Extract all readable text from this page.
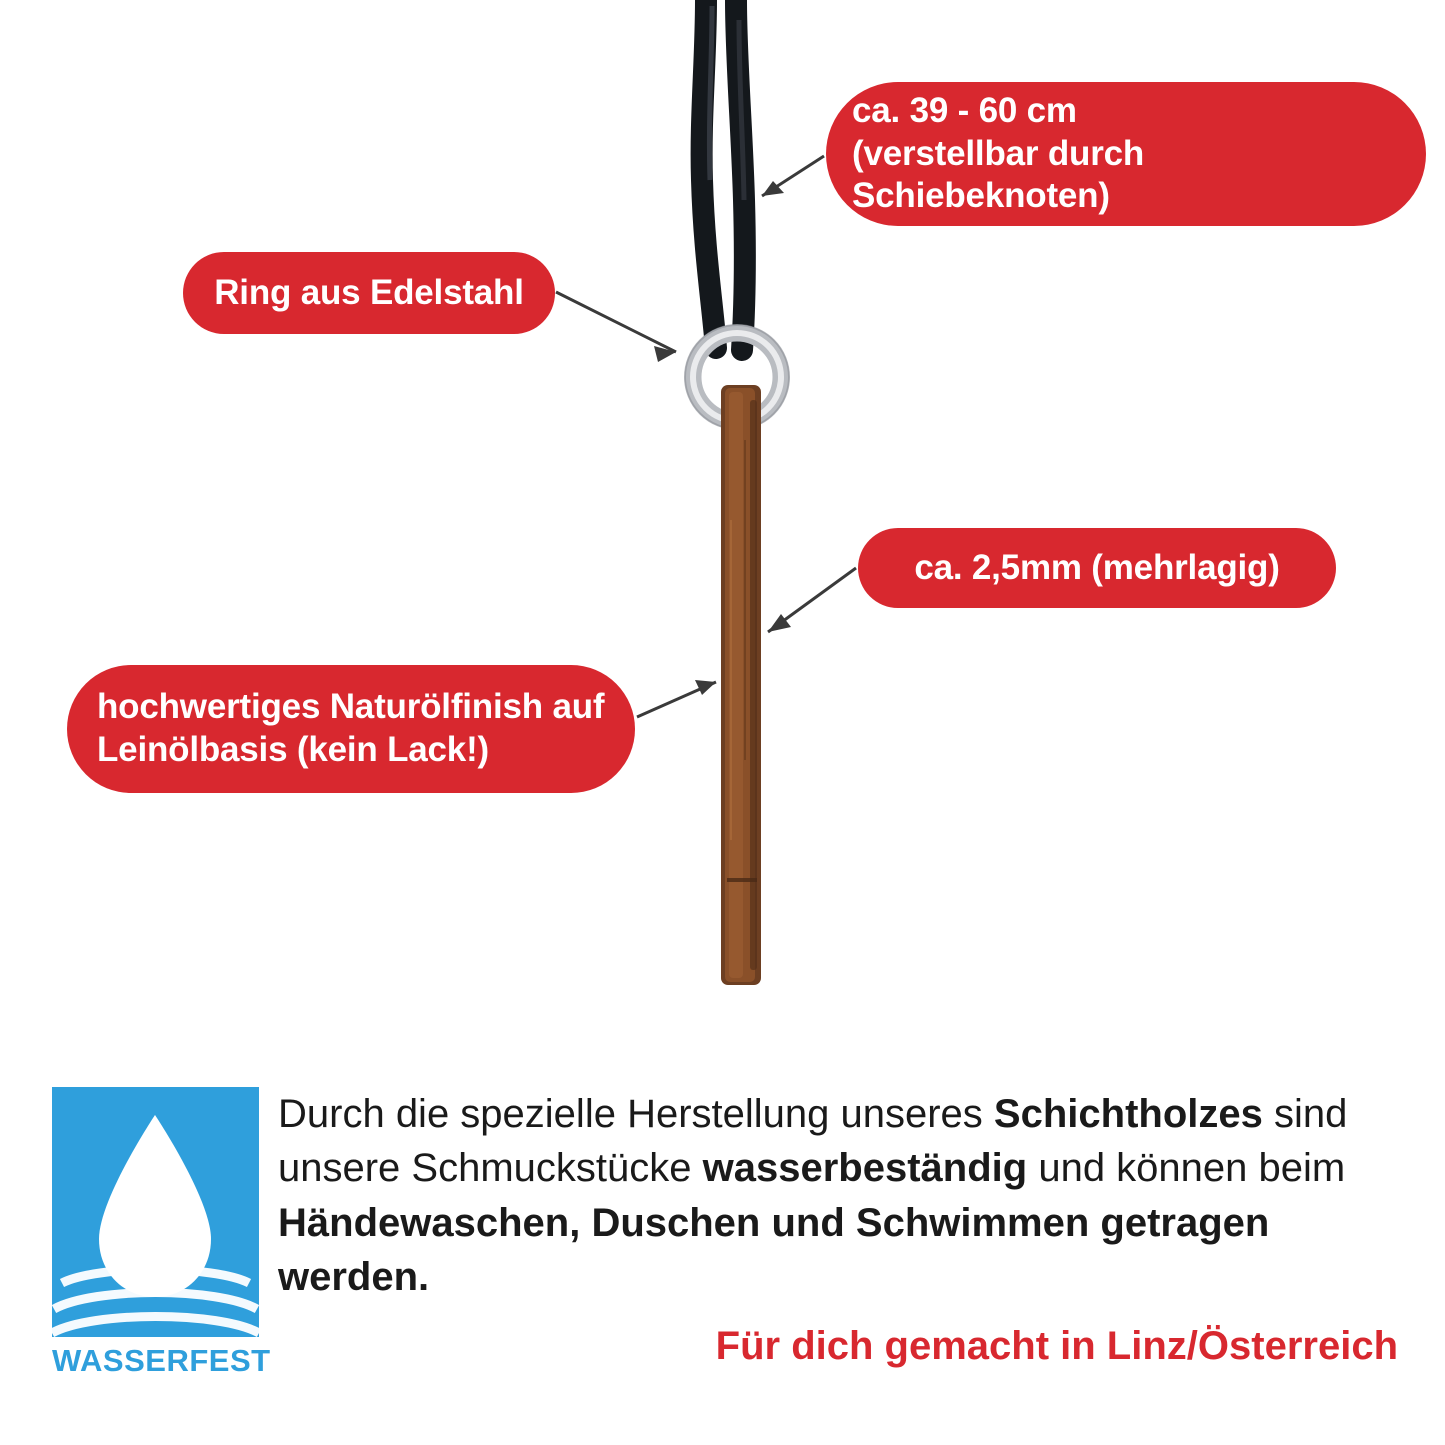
ca. 39 - 60 cm
(verstellbar durch Schiebeknoten)
Ring aus Edelstahl
ca. 2,5mm (mehrlagig)
hochwertiges Naturölfinish auf
Leinölbasis (kein Lack!)
WASSERFEST
Durch die spezielle Herstellung unseres Schichtholzes sind unsere Schmuckstücke wasserbeständig und können beim Händewaschen, Duschen und Schwimmen getragen werden.
Für dich gemacht in Linz/Österreich
